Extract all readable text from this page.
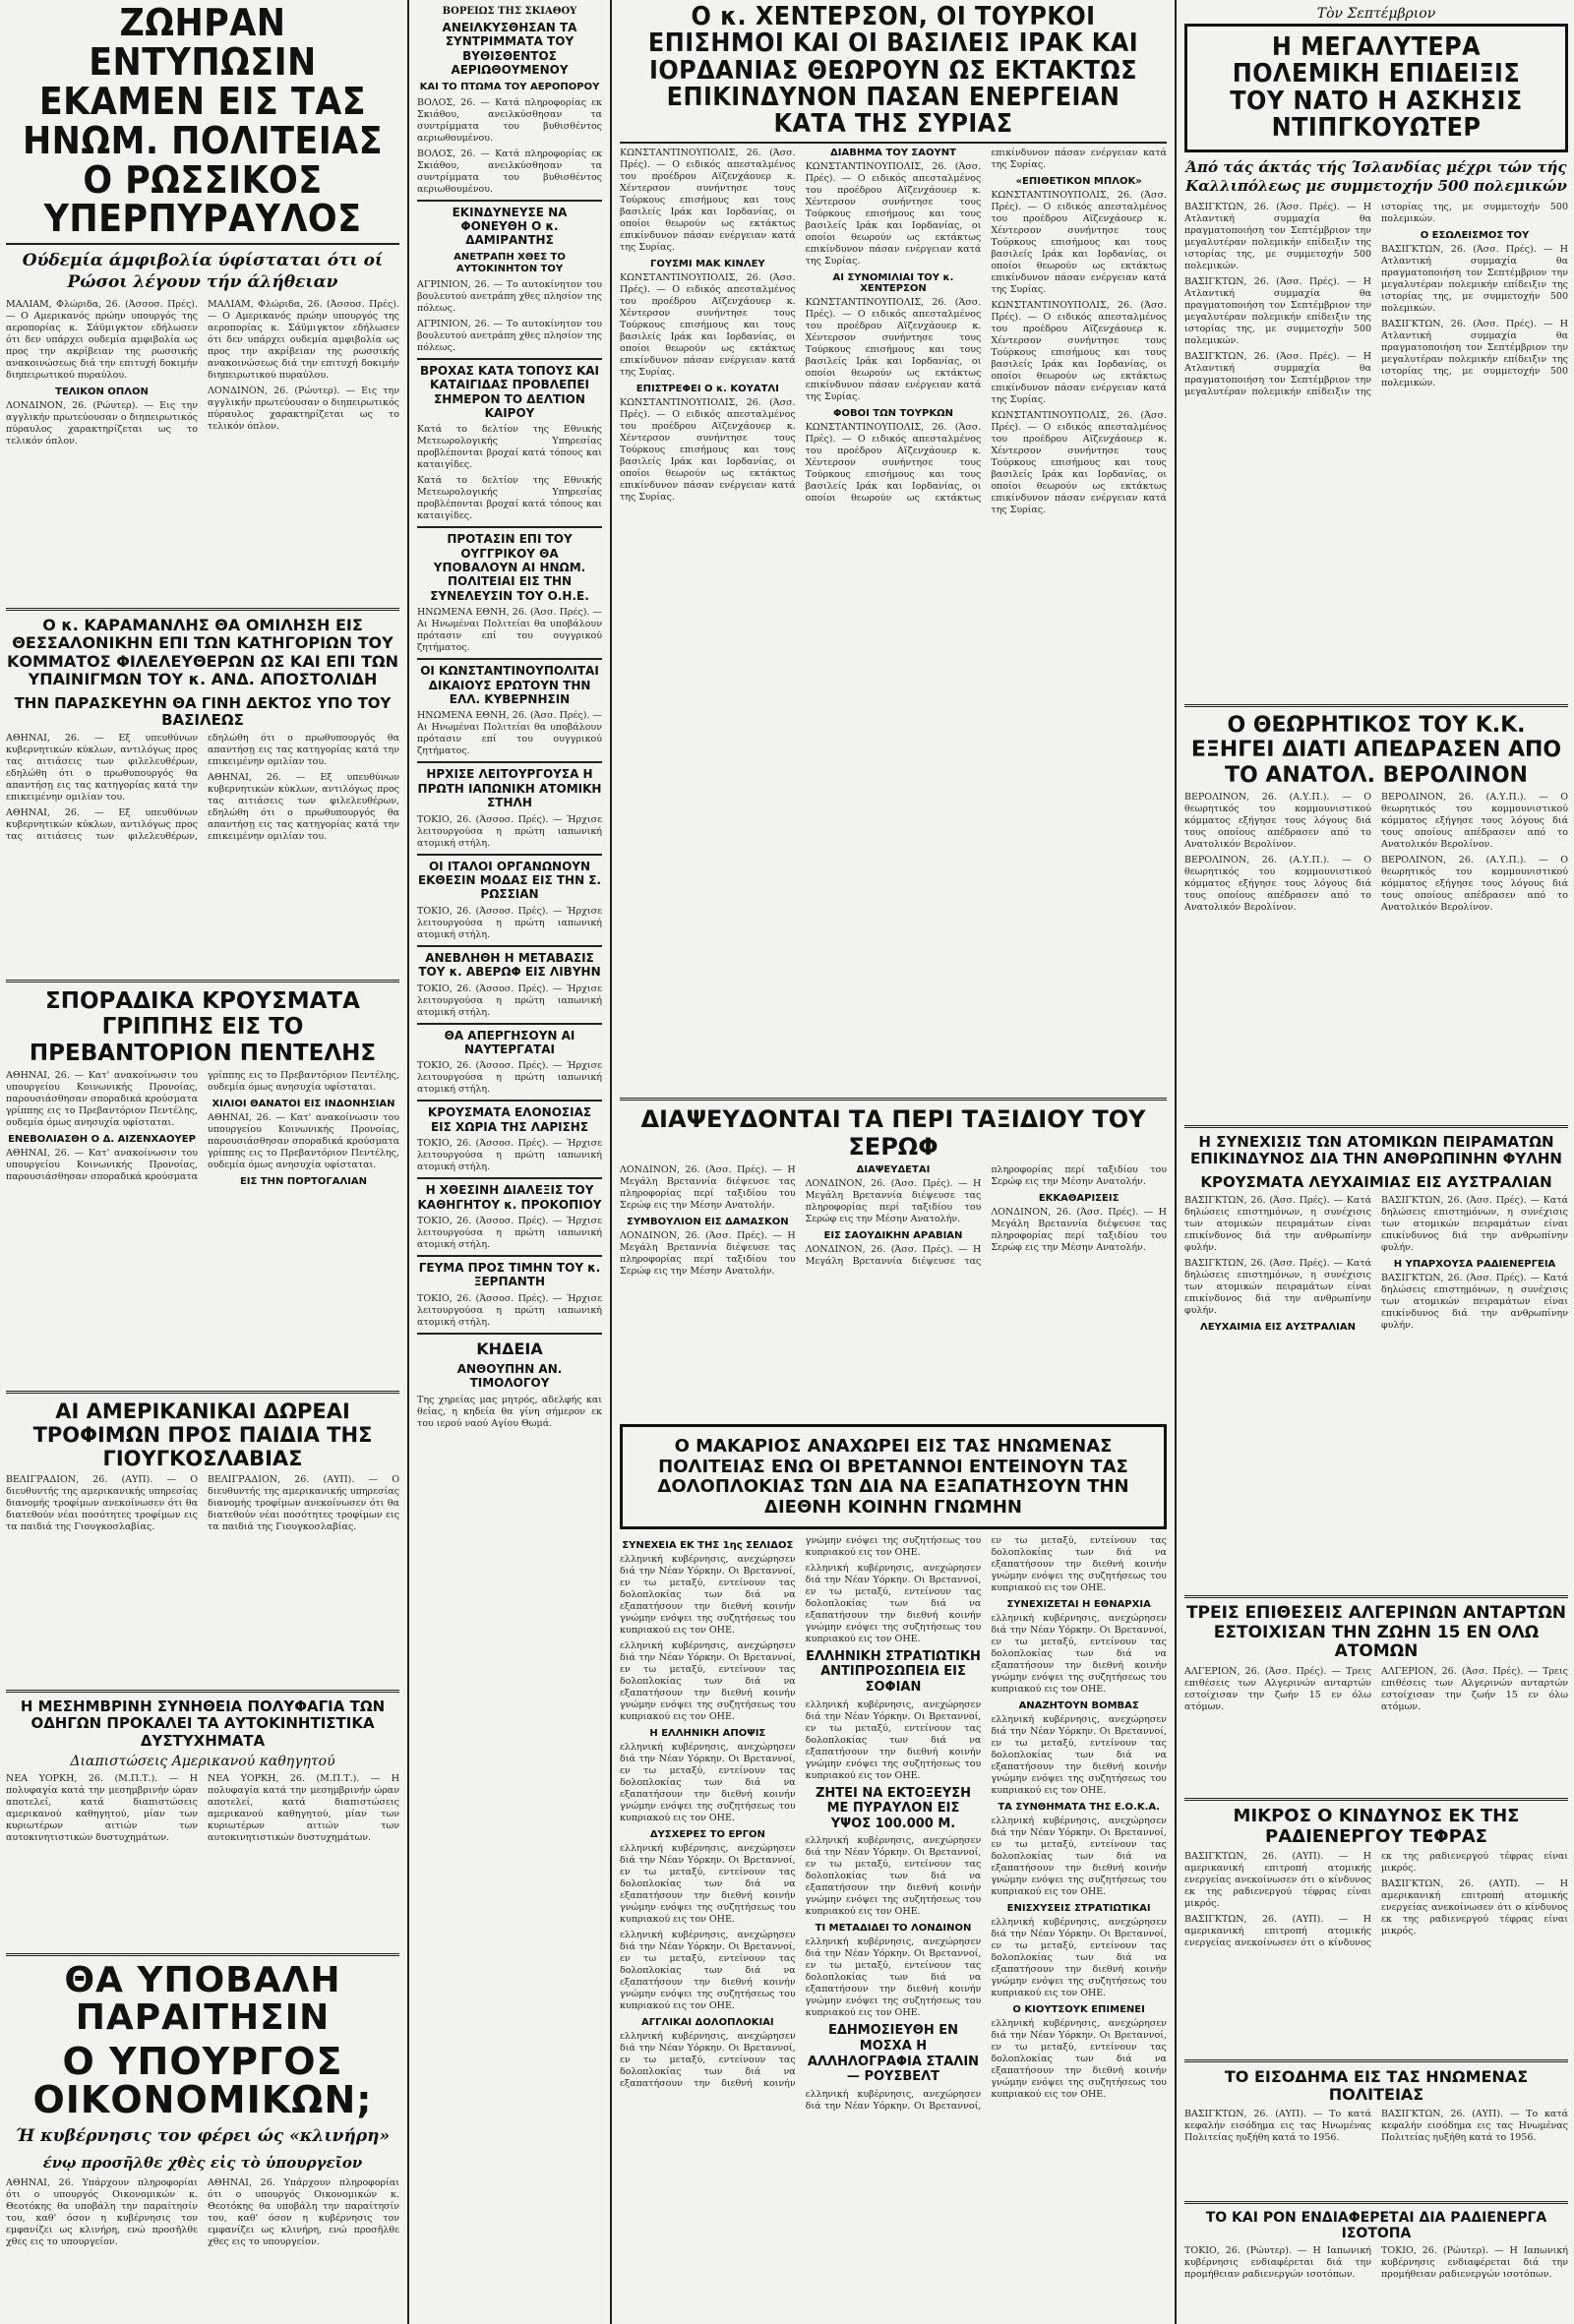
ΖΩΗΡΑΝ ΕΝΤΥΠΩΣΙΝ ΕΚΑΜΕΝ ΕΙΣ ΤΑΣ ΗΝΩΜ. ΠΟΛΙΤΕΙΑΣ Ο ΡΩΣΣΙΚΟΣ ΥΠΕΡΠΥΡΑΥΛΟΣ
Ούδεμία άμφιβολία ύφίσταται ότι οί Ρώσοι λέγουν τήν άλήθειαν

ΜΑΛΙΑΜ, Φλώριδα, 26. (Άσσοσ. Πρές). — Ο Αμερικανός πρώην υπουργός της αεροπορίας κ. Σάϋμιγκτον εδήλωσεν ότι δεν υπάρχει ουδεμία αμφιβολία ως προς την ακρίβειαν της ρωσσικής ανακοινώσεως διά την επιτυχή δοκιμήν διηπειρωτικού πυραύλου.

ΤΕΛΙΚΟΝ ΟΠΛΟΝ

ΛΟΝΔΙΝΟΝ, 26. (Ρώυτερ). — Εις την αγγλικήν πρωτεύουσαν ο διηπειρωτικός πύραυλος χαρακτηρίζεται ως το τελικόν όπλον.

ΜΑΛΙΑΜ, Φλώριδα, 26. (Άσσοσ. Πρές). — Ο Αμερικανός πρώην υπουργός της αεροπορίας κ. Σάϋμιγκτον εδήλωσεν ότι δεν υπάρχει ουδεμία αμφιβολία ως προς την ακρίβειαν της ρωσσικής ανακοινώσεως διά την επιτυχή δοκιμήν διηπειρωτικού πυραύλου.

ΛΟΝΔΙΝΟΝ, 26. (Ρώυτερ). — Εις την αγγλικήν πρωτεύουσαν ο διηπειρωτικός πύραυλος χαρακτηρίζεται ως το τελικόν όπλον.

Ο κ. ΚΑΡΑΜΑΝΛΗΣ ΘΑ ΟΜΙΛΗΣΗ ΕΙΣ ΘΕΣΣΑΛΟΝΙΚΗΝ ΕΠΙ ΤΩΝ ΚΑΤΗΓΟΡΙΩΝ ΤΟΥ ΚΟΜΜΑΤΟΣ ΦΙΛΕΛΕΥΘΕΡΩΝ ΩΣ ΚΑΙ ΕΠΙ ΤΩΝ ΥΠΑΙΝΙΓΜΩΝ ΤΟΥ κ. ΑΝΔ. ΑΠΟΣΤΟΛΙΔΗ
ΤΗΝ ΠΑΡΑΣΚΕΥΗΝ ΘΑ ΓΙΝΗ ΔΕΚΤΟΣ ΥΠΟ ΤΟΥ ΒΑΣΙΛΕΩΣ

ΑΘΗΝΑΙ, 26. — Εξ υπευθύνων κυβερνητικών κύκλων, αντιλόγως προς τας αιτιάσεις των φιλελευθέρων, εδηλώθη ότι ο πρωθυπουργός θα απαντήσῃ εις τας κατηγορίας κατά την επικειμένην ομιλίαν του.

ΑΘΗΝΑΙ, 26. — Εξ υπευθύνων κυβερνητικών κύκλων, αντιλόγως προς τας αιτιάσεις των φιλελευθέρων, εδηλώθη ότι ο πρωθυπουργός θα απαντήσῃ εις τας κατηγορίας κατά την επικειμένην ομιλίαν του.

ΑΘΗΝΑΙ, 26. — Εξ υπευθύνων κυβερνητικών κύκλων, αντιλόγως προς τας αιτιάσεις των φιλελευθέρων, εδηλώθη ότι ο πρωθυπουργός θα απαντήσῃ εις τας κατηγορίας κατά την επικειμένην ομιλίαν του.

ΣΠΟΡΑΔΙΚΑ ΚΡΟΥΣΜΑΤΑ ΓΡΙΠΠΗΣ ΕΙΣ ΤΟ ΠΡΕΒΑΝΤΟΡΙΟΝ ΠΕΝΤΕΛΗΣ

ΑΘΗΝΑΙ, 26. — Κατ' ανακοίνωσιν του υπουργείου Κοινωνικής Προνοίας, παρουσιάσθησαν σποραδικά κρούσματα γρίππης εις το Πρεβαντόριον Πεντέλης, ουδεμία όμως ανησυχία υφίσταται.

ΕΝΕΒΟΛΙΑΣΘΗ Ο Δ. ΑΙΖΕΝΧΑΟΥΕΡ

ΑΘΗΝΑΙ, 26. — Κατ' ανακοίνωσιν του υπουργείου Κοινωνικής Προνοίας, παρουσιάσθησαν σποραδικά κρούσματα γρίππης εις το Πρεβαντόριον Πεντέλης, ουδεμία όμως ανησυχία υφίσταται.

ΧΙΛΙΟΙ ΘΑΝΑΤΟΙ ΕΙΣ ΙΝΔΟΝΗΣΙΑΝ

ΑΘΗΝΑΙ, 26. — Κατ' ανακοίνωσιν του υπουργείου Κοινωνικής Προνοίας, παρουσιάσθησαν σποραδικά κρούσματα γρίππης εις το Πρεβαντόριον Πεντέλης, ουδεμία όμως ανησυχία υφίσταται.

ΕΙΣ ΤΗΝ ΠΟΡΤΟΓΑΛΙΑΝ
ΑΙ ΑΜΕΡΙΚΑΝΙΚΑΙ ΔΩΡΕΑΙ ΤΡΟΦΙΜΩΝ ΠΡΟΣ ΠΑΙΔΙΑ ΤΗΣ ΓΙΟΥΓΚΟΣΛΑΒΙΑΣ

ΒΕΛΙΓΡΑΔΙΟΝ, 26. (ΑΥΠ). — Ο διευθυντής της αμερικανικής υπηρεσίας διανομής τροφίμων ανεκοίνωσεν ότι θα διατεθούν νέαι ποσότητες τροφίμων εις τα παιδιά της Γιουγκοσλαβίας.

ΒΕΛΙΓΡΑΔΙΟΝ, 26. (ΑΥΠ). — Ο διευθυντής της αμερικανικής υπηρεσίας διανομής τροφίμων ανεκοίνωσεν ότι θα διατεθούν νέαι ποσότητες τροφίμων εις τα παιδιά της Γιουγκοσλαβίας.

Η ΜΕΣΗΜΒΡΙΝΗ ΣΥΝΗΘΕΙΑ ΠΟΛΥΦΑΓΙΑ ΤΩΝ ΟΔΗΓΩΝ ΠΡΟΚΑΛΕΙ ΤΑ ΑΥΤΟΚΙΝΗΤΙΣΤΙΚΑ ΔΥΣΤΥΧΗΜΑΤΑ
Διαπιστώσεις Αμερικανού καθηγητού

ΝΕΑ ΥΟΡΚΗ, 26. (Μ.Π.Τ.). — Η πολυφαγία κατά την μεσημβρινήν ώραν αποτελεί, κατά διαπιστώσεις αμερικανού καθηγητού, μίαν των κυριωτέρων αιτιών των αυτοκινητιστικών δυστυχημάτων.

ΝΕΑ ΥΟΡΚΗ, 26. (Μ.Π.Τ.). — Η πολυφαγία κατά την μεσημβρινήν ώραν αποτελεί, κατά διαπιστώσεις αμερικανού καθηγητού, μίαν των κυριωτέρων αιτιών των αυτοκινητιστικών δυστυχημάτων.

ΘΑ ΥΠΟΒΑΛΗ ΠΑΡΑΙΤΗΣΙΝ
Ο ΥΠΟΥΡΓΟΣ ΟΙΚΟΝΟΜΙΚΩΝ;
Ή κυβέρνησις τον φέρει ώς «κλινήρη»
ένῳ προσῆλθε χθὲς εἰς τὸ ὑπουργεῖον

ΑΘΗΝΑΙ, 26. Υπάρχουν πληροφορίαι ότι ο υπουργός Οικονομικών κ. Θεοτόκης θα υποβάλη την παραίτησίν του, καθ' όσον η κυβέρνησις τον εμφανίζει ως κλινήρη, ενώ προσῆλθε χθες εις το υπουργείον.

ΑΘΗΝΑΙ, 26. Υπάρχουν πληροφορίαι ότι ο υπουργός Οικονομικών κ. Θεοτόκης θα υποβάλη την παραίτησίν του, καθ' όσον η κυβέρνησις τον εμφανίζει ως κλινήρη, ενώ προσῆλθε χθες εις το υπουργείον.

ΒΟΡΕΙΩΣ ΤΗΣ ΣΚΙΑΘΟΥ
ΑΝΕΙΛΚΥΣΘΗΣΑΝ ΤΑ ΣΥΝΤΡΙΜΜΑΤΑ ΤΟΥ ΒΥΘΙΣΘΕΝΤΟΣ ΑΕΡΙΩΘΟΥΜΕΝΟΥ
ΚΑΙ ΤΟ ΠΤΩΜΑ ΤΟΥ ΑΕΡΟΠΟΡΟΥ

ΒΟΛΟΣ, 26. — Κατά πληροφορίας εκ Σκιάθου, ανειλκύσθησαν τα συντρίμματα του βυθισθέντος αεριωθουμένου.

ΒΟΛΟΣ, 26. — Κατά πληροφορίας εκ Σκιάθου, ανειλκύσθησαν τα συντρίμματα του βυθισθέντος αεριωθουμένου.

ΕΚΙΝΔΥΝΕΥΣΕ ΝΑ ΦΟΝΕΥΘΗ Ο κ. ΔΑΜΙΡΑΝΤΗΣ
ΑΝΕΤΡΑΠΗ ΧΘΕΣ ΤΟ ΑΥΤΟΚΙΝΗΤΟΝ ΤΟΥ

ΑΓΡΙΝΙΟΝ, 26. — Το αυτοκίνητον του βουλευτού ανετράπη χθες πλησίον της πόλεως.

ΑΓΡΙΝΙΟΝ, 26. — Το αυτοκίνητον του βουλευτού ανετράπη χθες πλησίον της πόλεως.

ΒΡΟΧΑΣ ΚΑΤΑ ΤΟΠΟΥΣ ΚΑΙ ΚΑΤΑΙΓΙΔΑΣ ΠΡΟΒΛΕΠΕΙ ΣΗΜΕΡΟΝ ΤΟ ΔΕΛΤΙΟΝ ΚΑΙΡΟΥ

Κατά το δελτίον της Εθνικής Μετεωρολογικής Υπηρεσίας προβλέπονται βροχαί κατά τόπους και καταιγίδες.

Κατά το δελτίον της Εθνικής Μετεωρολογικής Υπηρεσίας προβλέπονται βροχαί κατά τόπους και καταιγίδες.

ΠΡΟΤΑΣΙΝ ΕΠΙ ΤΟΥ ΟΥΓΓΡΙΚΟΥ ΘΑ ΥΠΟΒΑΛΟΥΝ ΑΙ ΗΝΩΜ. ΠΟΛΙΤΕΙΑΙ ΕΙΣ ΤΗΝ ΣΥΝΕΛΕΥΣΙΝ ΤΟΥ Ο.Η.Ε.

ΗΝΩΜΕΝΑ ΕΘΝΗ, 26. (Άσσ. Πρές). — Αι Ηνωμέναι Πολιτείαι θα υποβάλουν πρότασιν επί του ουγγρικού ζητήματος.

ΟΙ ΚΩΝΣΤΑΝΤΙΝΟΥΠΟΛΙΤΑΙ ΔΙΚΑΙΟΥΣ ΕΡΩΤΟΥΝ ΤΗΝ ΕΛΛ. ΚΥΒΕΡΝΗΣΙΝ

ΗΝΩΜΕΝΑ ΕΘΝΗ, 26. (Άσσ. Πρές). — Αι Ηνωμέναι Πολιτείαι θα υποβάλουν πρότασιν επί του ουγγρικού ζητήματος.

ΗΡΧΙΣΕ ΛΕΙΤΟΥΡΓΟΥΣΑ Η ΠΡΩΤΗ ΙΑΠΩΝΙΚΗ ΑΤΟΜΙΚΗ ΣΤΗΛΗ

ΤΟΚΙΟ, 26. (Άσσοσ. Πρές). — Ήρχισε λειτουργούσα η πρώτη ιαπωνική ατομική στήλη.

ΟΙ ΙΤΑΛΟΙ ΟΡΓΑΝΩΝΟΥΝ ΕΚΘΕΣΙΝ ΜΟΔΑΣ ΕΙΣ ΤΗΝ Σ. ΡΩΣΣΙΑΝ

ΤΟΚΙΟ, 26. (Άσσοσ. Πρές). — Ήρχισε λειτουργούσα η πρώτη ιαπωνική ατομική στήλη.

ΑΝΕΒΛΗΘΗ Η ΜΕΤΑΒΑΣΙΣ ΤΟΥ κ. ΑΒΕΡΩΦ ΕΙΣ ΛΙΒΥΗΝ

ΤΟΚΙΟ, 26. (Άσσοσ. Πρές). — Ήρχισε λειτουργούσα η πρώτη ιαπωνική ατομική στήλη.

ΘΑ ΑΠΕΡΓΗΣΟΥΝ ΑΙ ΝΑΥΤΕΡΓΑΤΑΙ

ΤΟΚΙΟ, 26. (Άσσοσ. Πρές). — Ήρχισε λειτουργούσα η πρώτη ιαπωνική ατομική στήλη.

ΚΡΟΥΣΜΑΤΑ ΕΛΟΝΟΣΙΑΣ ΕΙΣ ΧΩΡΙΑ ΤΗΣ ΛΑΡΙΣΗΣ

ΤΟΚΙΟ, 26. (Άσσοσ. Πρές). — Ήρχισε λειτουργούσα η πρώτη ιαπωνική ατομική στήλη.

Η ΧΘΕΣΙΝΗ ΔΙΑΛΕΞΙΣ ΤΟΥ ΚΑΘΗΓΗΤΟΥ κ. ΠΡΟΚΟΠΙΟΥ

ΤΟΚΙΟ, 26. (Άσσοσ. Πρές). — Ήρχισε λειτουργούσα η πρώτη ιαπωνική ατομική στήλη.

ΓΕΥΜΑ ΠΡΟΣ ΤΙΜΗΝ ΤΟΥ κ. ΞΕΡΠΑΝΤΗ

ΤΟΚΙΟ, 26. (Άσσοσ. Πρές). — Ήρχισε λειτουργούσα η πρώτη ιαπωνική ατομική στήλη.

ΚΗΔΕΙΑ
ΑΝΘΟΥΠΗΝ ΑΝ. ΤΙΜΟΛΟΓΟΥ

Της χηρείας μας μητρός, αδελφής και θείας, η κηδεία θα γίνη σήμερον εκ του ιερού ναού Αγίου Θωμά.

Ο κ. ΧΕΝΤΕΡΣΟΝ, ΟΙ ΤΟΥΡΚΟΙ ΕΠΙΣΗΜΟΙ ΚΑΙ ΟΙ ΒΑΣΙΛΕΙΣ ΙΡΑΚ ΚΑΙ ΙΟΡΔΑΝΙΑΣ ΘΕΩΡΟΥΝ ΩΣ ΕΚΤΑΚΤΩΣ ΕΠΙΚΙΝΔΥΝΟΝ ΠΑΣΑΝ ΕΝΕΡΓΕΙΑΝ ΚΑΤΑ ΤΗΣ ΣΥΡΙΑΣ

ΚΩΝΣΤΑΝΤΙΝΟΥΠΟΛΙΣ, 26. (Άσσ. Πρές). — Ο ειδικός απεσταλμένος του προέδρου Αϊζενχάουερ κ. Χέντερσον συνήντησε τους Τούρκους επισήμους και τους βασιλείς Ιράκ και Ιορδανίας, οι οποίοι θεωρούν ως εκτάκτως επικίνδυνον πάσαν ενέργειαν κατά της Συρίας.

ΓΟΥΣΜΙ ΜΑΚ ΚΙΝΛΕΥ

ΚΩΝΣΤΑΝΤΙΝΟΥΠΟΛΙΣ, 26. (Άσσ. Πρές). — Ο ειδικός απεσταλμένος του προέδρου Αϊζενχάουερ κ. Χέντερσον συνήντησε τους Τούρκους επισήμους και τους βασιλείς Ιράκ και Ιορδανίας, οι οποίοι θεωρούν ως εκτάκτως επικίνδυνον πάσαν ενέργειαν κατά της Συρίας.

ΕΠΙΣΤΡΕΦΕΙ Ο κ. ΚΟΥΑΤΛΙ

ΚΩΝΣΤΑΝΤΙΝΟΥΠΟΛΙΣ, 26. (Άσσ. Πρές). — Ο ειδικός απεσταλμένος του προέδρου Αϊζενχάουερ κ. Χέντερσον συνήντησε τους Τούρκους επισήμους και τους βασιλείς Ιράκ και Ιορδανίας, οι οποίοι θεωρούν ως εκτάκτως επικίνδυνον πάσαν ενέργειαν κατά της Συρίας.

ΔΙΑΒΗΜΑ ΤΟΥ ΣΑΟΥΝΤ

ΚΩΝΣΤΑΝΤΙΝΟΥΠΟΛΙΣ, 26. (Άσσ. Πρές). — Ο ειδικός απεσταλμένος του προέδρου Αϊζενχάουερ κ. Χέντερσον συνήντησε τους Τούρκους επισήμους και τους βασιλείς Ιράκ και Ιορδανίας, οι οποίοι θεωρούν ως εκτάκτως επικίνδυνον πάσαν ενέργειαν κατά της Συρίας.

ΑΙ ΣΥΝΟΜΙΛΙΑΙ ΤΟΥ κ. ΧΕΝΤΕΡΣΟΝ

ΚΩΝΣΤΑΝΤΙΝΟΥΠΟΛΙΣ, 26. (Άσσ. Πρές). — Ο ειδικός απεσταλμένος του προέδρου Αϊζενχάουερ κ. Χέντερσον συνήντησε τους Τούρκους επισήμους και τους βασιλείς Ιράκ και Ιορδανίας, οι οποίοι θεωρούν ως εκτάκτως επικίνδυνον πάσαν ενέργειαν κατά της Συρίας.

ΦΟΒΟΙ ΤΩΝ ΤΟΥΡΚΩΝ

ΚΩΝΣΤΑΝΤΙΝΟΥΠΟΛΙΣ, 26. (Άσσ. Πρές). — Ο ειδικός απεσταλμένος του προέδρου Αϊζενχάουερ κ. Χέντερσον συνήντησε τους Τούρκους επισήμους και τους βασιλείς Ιράκ και Ιορδανίας, οι οποίοι θεωρούν ως εκτάκτως επικίνδυνον πάσαν ενέργειαν κατά της Συρίας.

«ΕΠΙΘΕΤΙΚΟΝ ΜΠΛΟΚ»

ΚΩΝΣΤΑΝΤΙΝΟΥΠΟΛΙΣ, 26. (Άσσ. Πρές). — Ο ειδικός απεσταλμένος του προέδρου Αϊζενχάουερ κ. Χέντερσον συνήντησε τους Τούρκους επισήμους και τους βασιλείς Ιράκ και Ιορδανίας, οι οποίοι θεωρούν ως εκτάκτως επικίνδυνον πάσαν ενέργειαν κατά της Συρίας.

ΚΩΝΣΤΑΝΤΙΝΟΥΠΟΛΙΣ, 26. (Άσσ. Πρές). — Ο ειδικός απεσταλμένος του προέδρου Αϊζενχάουερ κ. Χέντερσον συνήντησε τους Τούρκους επισήμους και τους βασιλείς Ιράκ και Ιορδανίας, οι οποίοι θεωρούν ως εκτάκτως επικίνδυνον πάσαν ενέργειαν κατά της Συρίας.

ΚΩΝΣΤΑΝΤΙΝΟΥΠΟΛΙΣ, 26. (Άσσ. Πρές). — Ο ειδικός απεσταλμένος του προέδρου Αϊζενχάουερ κ. Χέντερσον συνήντησε τους Τούρκους επισήμους και τους βασιλείς Ιράκ και Ιορδανίας, οι οποίοι θεωρούν ως εκτάκτως επικίνδυνον πάσαν ενέργειαν κατά της Συρίας.

ΔΙΑΨΕΥΔΟΝΤΑΙ ΤΑ ΠΕΡΙ ΤΑΞΙΔΙΟΥ ΤΟΥ ΣΕΡΩΦ

ΛΟΝΔΙΝΟΝ, 26. (Άσσ. Πρές). — Η Μεγάλη Βρεταννία διέψευσε τας πληροφορίας περί ταξιδίου του Σερώφ εις την Μέσην Ανατολήν.

ΣΥΜΒΟΥΛΙΟΝ ΕΙΣ ΔΑΜΑΣΚΟΝ

ΛΟΝΔΙΝΟΝ, 26. (Άσσ. Πρές). — Η Μεγάλη Βρεταννία διέψευσε τας πληροφορίας περί ταξιδίου του Σερώφ εις την Μέσην Ανατολήν.

ΔΙΑΨΕΥΔΕΤΑΙ

ΛΟΝΔΙΝΟΝ, 26. (Άσσ. Πρές). — Η Μεγάλη Βρεταννία διέψευσε τας πληροφορίας περί ταξιδίου του Σερώφ εις την Μέσην Ανατολήν.

ΕΙΣ ΣΑΟΥΔΙΚΗΝ ΑΡΑΒΙΑΝ

ΛΟΝΔΙΝΟΝ, 26. (Άσσ. Πρές). — Η Μεγάλη Βρεταννία διέψευσε τας πληροφορίας περί ταξιδίου του Σερώφ εις την Μέσην Ανατολήν.

ΕΚΚΑΘΑΡΙΣΕΙΣ

ΛΟΝΔΙΝΟΝ, 26. (Άσσ. Πρές). — Η Μεγάλη Βρεταννία διέψευσε τας πληροφορίας περί ταξιδίου του Σερώφ εις την Μέσην Ανατολήν.

Ο ΜΑΚΑΡΙΟΣ ΑΝΑΧΩΡΕΙ ΕΙΣ ΤΑΣ ΗΝΩΜΕΝΑΣ ΠΟΛΙΤΕΙΑΣ ΕΝΩ ΟΙ ΒΡΕΤΑΝΝΟΙ ΕΝΤΕΙΝΟΥΝ ΤΑΣ ΔΟΛΟΠΛΟΚΙΑΣ ΤΩΝ ΔΙΑ ΝΑ ΕΞΑΠΑΤΗΣΟΥΝ ΤΗΝ ΔΙΕΘΝΗ ΚΟΙΝΗΝ ΓΝΩΜΗΝ
ΣΥΝΕΧΕΙΑ ΕΚ ΤΗΣ 1ης ΣΕΛΙΔΟΣ

ελληνική κυβέρνησις, ανεχώρησεν διά την Νέαν Υόρκην. Οι Βρεταννοί, εν τω μεταξύ, εντείνουν τας δολοπλοκίας των διά να εξαπατήσουν την διεθνή κοινήν γνώμην ενόψει της συζητήσεως του κυπριακού εις τον ΟΗΕ.

ελληνική κυβέρνησις, ανεχώρησεν διά την Νέαν Υόρκην. Οι Βρεταννοί, εν τω μεταξύ, εντείνουν τας δολοπλοκίας των διά να εξαπατήσουν την διεθνή κοινήν γνώμην ενόψει της συζητήσεως του κυπριακού εις τον ΟΗΕ.

Η ΕΛΛΗΝΙΚΗ ΑΠΟΨΙΣ

ελληνική κυβέρνησις, ανεχώρησεν διά την Νέαν Υόρκην. Οι Βρεταννοί, εν τω μεταξύ, εντείνουν τας δολοπλοκίας των διά να εξαπατήσουν την διεθνή κοινήν γνώμην ενόψει της συζητήσεως του κυπριακού εις τον ΟΗΕ.

ΔΥΣΧΕΡΕΣ ΤΟ ΕΡΓΟΝ

ελληνική κυβέρνησις, ανεχώρησεν διά την Νέαν Υόρκην. Οι Βρεταννοί, εν τω μεταξύ, εντείνουν τας δολοπλοκίας των διά να εξαπατήσουν την διεθνή κοινήν γνώμην ενόψει της συζητήσεως του κυπριακού εις τον ΟΗΕ.

ελληνική κυβέρνησις, ανεχώρησεν διά την Νέαν Υόρκην. Οι Βρεταννοί, εν τω μεταξύ, εντείνουν τας δολοπλοκίας των διά να εξαπατήσουν την διεθνή κοινήν γνώμην ενόψει της συζητήσεως του κυπριακού εις τον ΟΗΕ.

ΑΓΓΛΙΚΑΙ ΔΟΛΟΠΛΟΚΙΑΙ

ελληνική κυβέρνησις, ανεχώρησεν διά την Νέαν Υόρκην. Οι Βρεταννοί, εν τω μεταξύ, εντείνουν τας δολοπλοκίας των διά να εξαπατήσουν την διεθνή κοινήν γνώμην ενόψει της συζητήσεως του κυπριακού εις τον ΟΗΕ.

ελληνική κυβέρνησις, ανεχώρησεν διά την Νέαν Υόρκην. Οι Βρεταννοί, εν τω μεταξύ, εντείνουν τας δολοπλοκίας των διά να εξαπατήσουν την διεθνή κοινήν γνώμην ενόψει της συζητήσεως του κυπριακού εις τον ΟΗΕ.

ΕΛΛΗΝΙΚΗ ΣΤΡΑΤΙΩΤΙΚΗ ΑΝΤΙΠΡΟΣΩΠΕΙΑ ΕΙΣ ΣΟΦΙΑΝ

ελληνική κυβέρνησις, ανεχώρησεν διά την Νέαν Υόρκην. Οι Βρεταννοί, εν τω μεταξύ, εντείνουν τας δολοπλοκίας των διά να εξαπατήσουν την διεθνή κοινήν γνώμην ενόψει της συζητήσεως του κυπριακού εις τον ΟΗΕ.

ΖΗΤΕΙ ΝΑ ΕΚΤΟΞΕΥΣΗ ΜΕ ΠΥΡΑΥΛΟΝ ΕΙΣ ΥΨΟΣ 100.000 Μ.

ελληνική κυβέρνησις, ανεχώρησεν διά την Νέαν Υόρκην. Οι Βρεταννοί, εν τω μεταξύ, εντείνουν τας δολοπλοκίας των διά να εξαπατήσουν την διεθνή κοινήν γνώμην ενόψει της συζητήσεως του κυπριακού εις τον ΟΗΕ.

ΤΙ ΜΕΤΑΔΙΔΕΙ ΤΟ ΛΟΝΔΙΝΟΝ

ελληνική κυβέρνησις, ανεχώρησεν διά την Νέαν Υόρκην. Οι Βρεταννοί, εν τω μεταξύ, εντείνουν τας δολοπλοκίας των διά να εξαπατήσουν την διεθνή κοινήν γνώμην ενόψει της συζητήσεως του κυπριακού εις τον ΟΗΕ.

ΕΔΗΜΟΣΙΕΥΘΗ ΕΝ ΜΟΣΧΑ Η ΑΛΛΗΛΟΓΡΑΦΙΑ ΣΤΑΛΙΝ — ΡΟΥΣΒΕΛΤ

ελληνική κυβέρνησις, ανεχώρησεν διά την Νέαν Υόρκην. Οι Βρεταννοί, εν τω μεταξύ, εντείνουν τας δολοπλοκίας των διά να εξαπατήσουν την διεθνή κοινήν γνώμην ενόψει της συζητήσεως του κυπριακού εις τον ΟΗΕ.

ΣΥΝΕΧΙΖΕΤΑΙ Η ΕΘΝΑΡΧΙΑ

ελληνική κυβέρνησις, ανεχώρησεν διά την Νέαν Υόρκην. Οι Βρεταννοί, εν τω μεταξύ, εντείνουν τας δολοπλοκίας των διά να εξαπατήσουν την διεθνή κοινήν γνώμην ενόψει της συζητήσεως του κυπριακού εις τον ΟΗΕ.

ΑΝΑΖΗΤΟΥΝ ΒΟΜΒΑΣ

ελληνική κυβέρνησις, ανεχώρησεν διά την Νέαν Υόρκην. Οι Βρεταννοί, εν τω μεταξύ, εντείνουν τας δολοπλοκίας των διά να εξαπατήσουν την διεθνή κοινήν γνώμην ενόψει της συζητήσεως του κυπριακού εις τον ΟΗΕ.

ΤΑ ΣΥΝΘΗΜΑΤΑ ΤΗΣ Ε.Ο.Κ.Α.

ελληνική κυβέρνησις, ανεχώρησεν διά την Νέαν Υόρκην. Οι Βρεταννοί, εν τω μεταξύ, εντείνουν τας δολοπλοκίας των διά να εξαπατήσουν την διεθνή κοινήν γνώμην ενόψει της συζητήσεως του κυπριακού εις τον ΟΗΕ.

ΕΝΙΣΧΥΣΕΙΣ ΣΤΡΑΤΙΩΤΙΚΑΙ

ελληνική κυβέρνησις, ανεχώρησεν διά την Νέαν Υόρκην. Οι Βρεταννοί, εν τω μεταξύ, εντείνουν τας δολοπλοκίας των διά να εξαπατήσουν την διεθνή κοινήν γνώμην ενόψει της συζητήσεως του κυπριακού εις τον ΟΗΕ.

Ο ΚΙΟΥΤΣΟΥΚ ΕΠΙΜΕΝΕΙ

ελληνική κυβέρνησις, ανεχώρησεν διά την Νέαν Υόρκην. Οι Βρεταννοί, εν τω μεταξύ, εντείνουν τας δολοπλοκίας των διά να εξαπατήσουν την διεθνή κοινήν γνώμην ενόψει της συζητήσεως του κυπριακού εις τον ΟΗΕ.

Τὸν Σεπτέμβριον
Η ΜΕΓΑΛΥΤΕΡΑ ΠΟΛΕΜΙΚΗ ΕΠΙΔΕΙΞΙΣ ΤΟΥ ΝΑΤΟ Η ΑΣΚΗΣΙΣ ΝΤΙΠΓΚΟΥΩΤΕΡ
Άπό τάς άκτάς τής Ίσλανδίας μέχρι τών τής Καλλιπόλεως με συμμετοχήν 500 πολεμικών

ΒΑΣΙΓΚΤΩΝ, 26. (Άσσ. Πρές). — Η Ατλαντική συμμαχία θα πραγματοποιήση τον Σεπτέμβριον την μεγαλυτέραν πολεμικήν επίδειξιν της ιστορίας της, με συμμετοχήν 500 πολεμικών.

ΒΑΣΙΓΚΤΩΝ, 26. (Άσσ. Πρές). — Η Ατλαντική συμμαχία θα πραγματοποιήση τον Σεπτέμβριον την μεγαλυτέραν πολεμικήν επίδειξιν της ιστορίας της, με συμμετοχήν 500 πολεμικών.

ΒΑΣΙΓΚΤΩΝ, 26. (Άσσ. Πρές). — Η Ατλαντική συμμαχία θα πραγματοποιήση τον Σεπτέμβριον την μεγαλυτέραν πολεμικήν επίδειξιν της ιστορίας της, με συμμετοχήν 500 πολεμικών.

Ο ΕΣΩΛΕΙΣΜΟΣ ΤΟΥ

ΒΑΣΙΓΚΤΩΝ, 26. (Άσσ. Πρές). — Η Ατλαντική συμμαχία θα πραγματοποιήση τον Σεπτέμβριον την μεγαλυτέραν πολεμικήν επίδειξιν της ιστορίας της, με συμμετοχήν 500 πολεμικών.

ΒΑΣΙΓΚΤΩΝ, 26. (Άσσ. Πρές). — Η Ατλαντική συμμαχία θα πραγματοποιήση τον Σεπτέμβριον την μεγαλυτέραν πολεμικήν επίδειξιν της ιστορίας της, με συμμετοχήν 500 πολεμικών.

Ο ΘΕΩΡΗΤΙΚΟΣ ΤΟΥ Κ.Κ. ΕΞΗΓΕΙ ΔΙΑΤΙ ΑΠΕΔΡΑΣΕΝ ΑΠΟ ΤΟ ΑΝΑΤΟΛ. ΒΕΡΟΛΙΝΟΝ

ΒΕΡΟΛΙΝΟΝ, 26. (Α.Υ.Π.). — Ο θεωρητικός του κομμουνιστικού κόμματος εξήγησε τους λόγους διά τους οποίους απέδρασεν από το Ανατολικόν Βερολίνον.

ΒΕΡΟΛΙΝΟΝ, 26. (Α.Υ.Π.). — Ο θεωρητικός του κομμουνιστικού κόμματος εξήγησε τους λόγους διά τους οποίους απέδρασεν από το Ανατολικόν Βερολίνον.

ΒΕΡΟΛΙΝΟΝ, 26. (Α.Υ.Π.). — Ο θεωρητικός του κομμουνιστικού κόμματος εξήγησε τους λόγους διά τους οποίους απέδρασεν από το Ανατολικόν Βερολίνον.

ΒΕΡΟΛΙΝΟΝ, 26. (Α.Υ.Π.). — Ο θεωρητικός του κομμουνιστικού κόμματος εξήγησε τους λόγους διά τους οποίους απέδρασεν από το Ανατολικόν Βερολίνον.

Η ΣΥΝΕΧΙΣΙΣ ΤΩΝ ΑΤΟΜΙΚΩΝ ΠΕΙΡΑΜΑΤΩΝ ΕΠΙΚΙΝΔΥΝΟΣ ΔΙΑ ΤΗΝ ΑΝΘΡΩΠΙΝΗΝ ΦΥΛΗΝ
ΚΡΟΥΣΜΑΤΑ ΛΕΥΧΑΙΜΙΑΣ ΕΙΣ ΑΥΣΤΡΑΛΙΑΝ

ΒΑΣΙΓΚΤΩΝ, 26. (Άσσ. Πρές). — Κατά δηλώσεις επιστημόνων, η συνέχισις των ατομικών πειραμάτων είναι επικίνδυνος διά την ανθρωπίνην φυλήν.

ΒΑΣΙΓΚΤΩΝ, 26. (Άσσ. Πρές). — Κατά δηλώσεις επιστημόνων, η συνέχισις των ατομικών πειραμάτων είναι επικίνδυνος διά την ανθρωπίνην φυλήν.

ΛΕΥΧΑΙΜΙΑ ΕΙΣ ΑΥΣΤΡΑΛΙΑΝ

ΒΑΣΙΓΚΤΩΝ, 26. (Άσσ. Πρές). — Κατά δηλώσεις επιστημόνων, η συνέχισις των ατομικών πειραμάτων είναι επικίνδυνος διά την ανθρωπίνην φυλήν.

Η ΥΠΑΡΧΟΥΣΑ ΡΑΔΙΕΝΕΡΓΕΙΑ

ΒΑΣΙΓΚΤΩΝ, 26. (Άσσ. Πρές). — Κατά δηλώσεις επιστημόνων, η συνέχισις των ατομικών πειραμάτων είναι επικίνδυνος διά την ανθρωπίνην φυλήν.

ΤΡΕΙΣ ΕΠΙΘΕΣΕΙΣ ΑΛΓΕΡΙΝΩΝ ΑΝΤΑΡΤΩΝ ΕΣΤΟΙΧΙΣΑΝ ΤΗΝ ΖΩΗΝ 15 ΕΝ ΟΛΩ ΑΤΟΜΩΝ

ΑΛΓΕΡΙΟΝ, 26. (Άσσ. Πρές). — Τρεις επιθέσεις των Αλγερινών ανταρτών εστοίχισαν την ζωήν 15 εν όλω ατόμων.

ΑΛΓΕΡΙΟΝ, 26. (Άσσ. Πρές). — Τρεις επιθέσεις των Αλγερινών ανταρτών εστοίχισαν την ζωήν 15 εν όλω ατόμων.

ΜΙΚΡΟΣ Ο ΚΙΝΔΥΝΟΣ ΕΚ ΤΗΣ ΡΑΔΙΕΝΕΡΓΟΥ ΤΕΦΡΑΣ

ΒΑΣΙΓΚΤΩΝ, 26. (ΑΥΠ). — Η αμερικανική επιτροπή ατομικής ενεργείας ανεκοίνωσεν ότι ο κίνδυνος εκ της ραδιενεργού τέφρας είναι μικρός.

ΒΑΣΙΓΚΤΩΝ, 26. (ΑΥΠ). — Η αμερικανική επιτροπή ατομικής ενεργείας ανεκοίνωσεν ότι ο κίνδυνος εκ της ραδιενεργού τέφρας είναι μικρός.

ΒΑΣΙΓΚΤΩΝ, 26. (ΑΥΠ). — Η αμερικανική επιτροπή ατομικής ενεργείας ανεκοίνωσεν ότι ο κίνδυνος εκ της ραδιενεργού τέφρας είναι μικρός.

ΤΟ ΕΙΣΟΔΗΜΑ ΕΙΣ ΤΑΣ ΗΝΩΜΕΝΑΣ ΠΟΛΙΤΕΙΑΣ

ΒΑΣΙΓΚΤΩΝ, 26. (ΑΥΠ). — Το κατά κεφαλήν εισόδημα εις τας Ηνωμένας Πολιτείας ηυξήθη κατά το 1956.

ΒΑΣΙΓΚΤΩΝ, 26. (ΑΥΠ). — Το κατά κεφαλήν εισόδημα εις τας Ηνωμένας Πολιτείας ηυξήθη κατά το 1956.

ΤΟ ΚΑΙ ΡΟΝ ΕΝΔΙΑΦΕΡΕΤΑΙ ΔΙΑ ΡΑΔΙΕΝΕΡΓΑ ΙΣΟΤΟΠΑ

ΤΟΚΙΟ, 26. (Ρώυτερ). — Η Ιαπωνική κυβέρνησις ενδιαφέρεται διά την προμήθειαν ραδιενεργών ισοτόπων.

ΤΟΚΙΟ, 26. (Ρώυτερ). — Η Ιαπωνική κυβέρνησις ενδιαφέρεται διά την προμήθειαν ραδιενεργών ισοτόπων.
